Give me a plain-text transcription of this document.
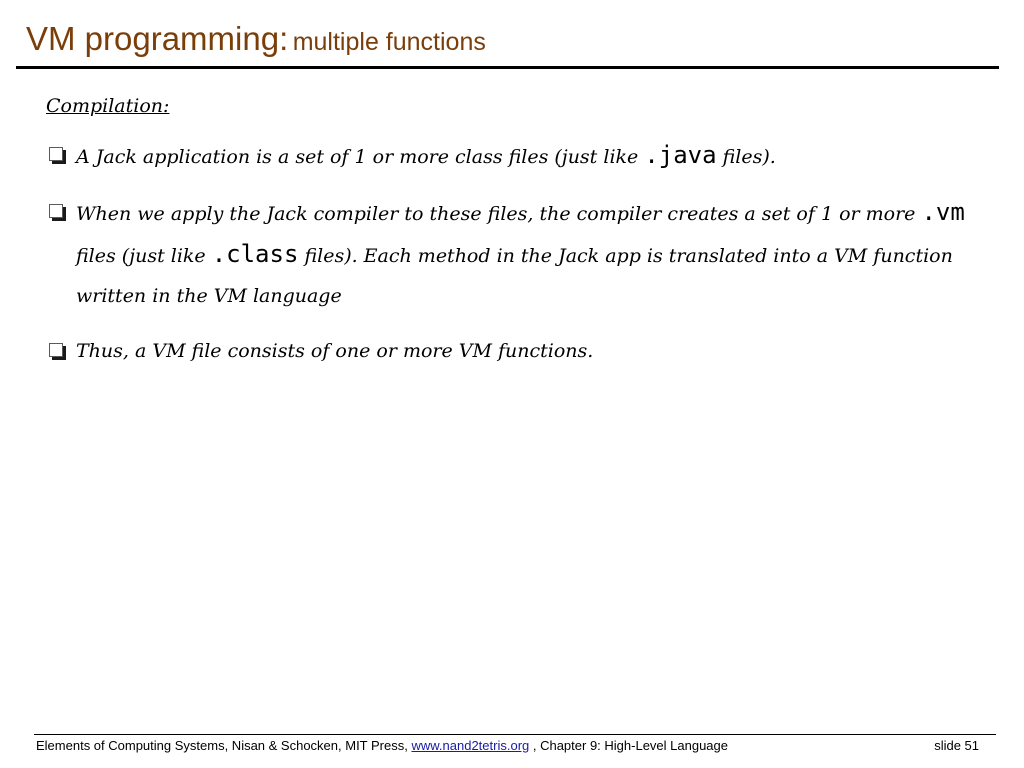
VM programming: multiple functions
Compilation:
A Jack application is a set of 1 or more class files (just like .java files).
When we apply the Jack compiler to these files, the compiler creates a set of 1 or more .vm files (just like .class files). Each method in the Jack app is translated into a VM function written in the VM language
Thus, a VM file consists of one or more VM functions.
Elements of Computing Systems, Nisan & Schocken, MIT Press, www.nand2tetris.org , Chapter 9: High-Level Language	slide 51
